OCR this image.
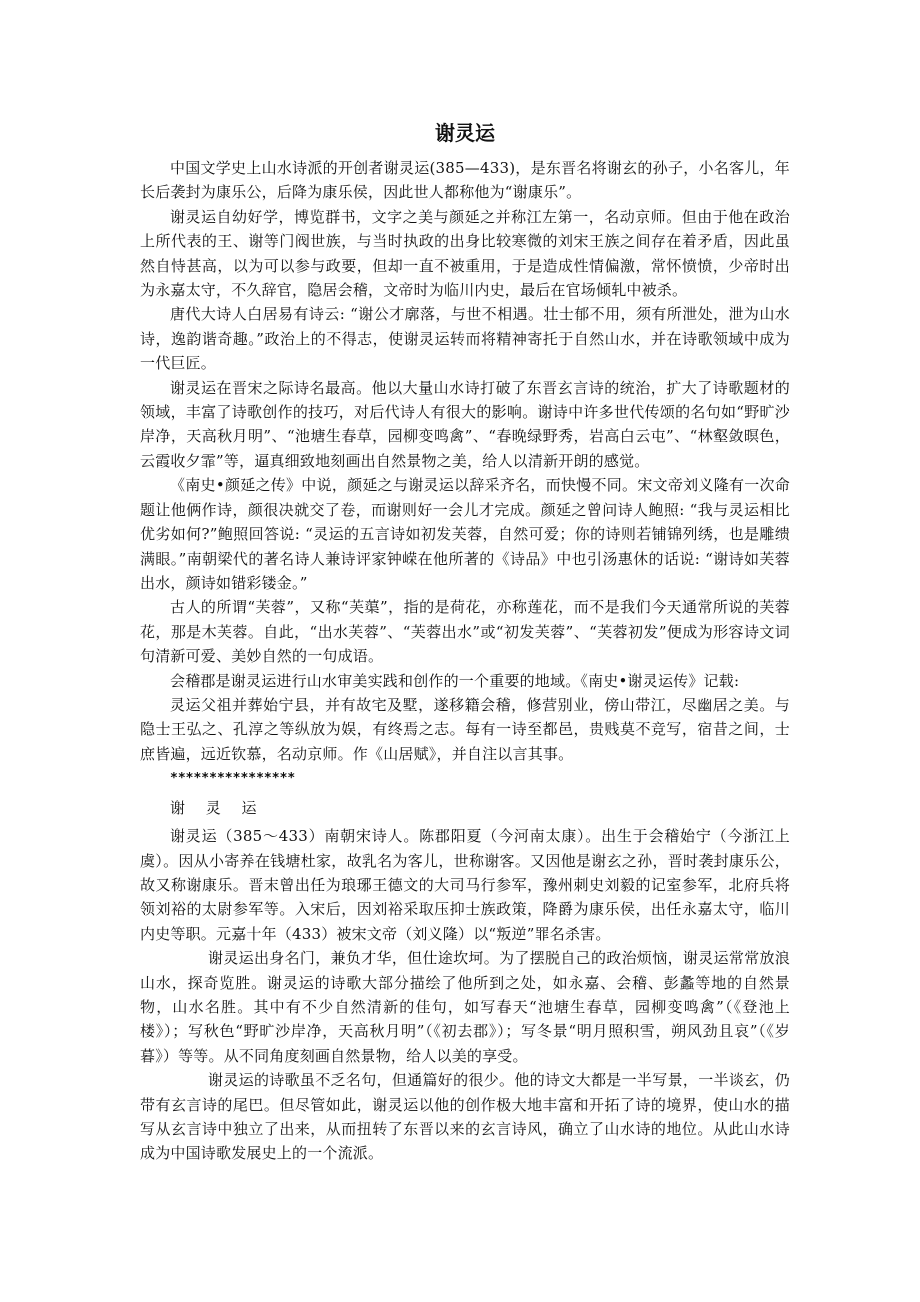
谢灵运

中国文学史上山水诗派的开创者谢灵运(385—433)，是东晋名将谢玄的孙子，小名客儿，年长后袭封为康乐公，后降为康乐侯，因此世人都称他为“谢康乐”。

谢灵运自幼好学，博览群书，文字之美与颜延之并称江左第一，名动京师。但由于他在政治上所代表的王、谢等门阀世族，与当时执政的出身比较寒微的刘宋王族之间存在着矛盾，因此虽然自恃甚高，以为可以参与政要，但却一直不被重用，于是造成性情偏激，常怀愤愤，少帝时出为永嘉太守，不久辞官，隐居会稽，文帝时为临川内史，最后在官场倾轧中被杀。

唐代大诗人白居易有诗云: “谢公才廓落，与世不相遇。壮士郁不用，须有所泄处，泄为山水诗，逸韵谐奇趣。”政治上的不得志，使谢灵运转而将精神寄托于自然山水，并在诗歌领域中成为一代巨匠。

谢灵运在晋宋之际诗名最高。他以大量山水诗打破了东晋玄言诗的统治，扩大了诗歌题材的领域，丰富了诗歌创作的技巧，对后代诗人有很大的影响。谢诗中许多世代传颂的名句如“野旷沙岸净，天高秋月明”、“池塘生春草，园柳变鸣禽”、“春晚绿野秀，岩高白云屯”、“林壑敛暝色，云霞收夕霏”等，逼真细致地刻画出自然景物之美，给人以清新开朗的感觉。

《南史•颜延之传》中说，颜延之与谢灵运以辞采齐名，而快慢不同。宋文帝刘义隆有一次命题让他俩作诗，颜很决就交了卷，而谢则好一会儿才完成。颜延之曾问诗人鲍照: “我与灵运相比优劣如何?”鲍照回答说: “灵运的五言诗如初发芙蓉，自然可爱；你的诗则若铺锦列绣，也是雕缋满眼。”南朝梁代的著名诗人兼诗评家钟嵘在他所著的《诗品》中也引汤惠休的话说: “谢诗如芙蓉出水，颜诗如错彩镂金。”

古人的所谓“芙蓉”，又称“芙蕖”，指的是荷花，亦称莲花，而不是我们今天通常所说的芙蓉花，那是木芙蓉。自此，“出水芙蓉”、“芙蓉出水”或“初发芙蓉”、“芙蓉初发”便成为形容诗文词句清新可爱、美妙自然的一句成语。

会稽郡是谢灵运进行山水审美实践和创作的一个重要的地域。《南史•谢灵运传》记载:

灵运父祖并葬始宁县，并有故宅及墅，遂移籍会稽，修营别业，傍山带江，尽幽居之美。与隐士王弘之、孔淳之等纵放为娱，有终焉之志。每有一诗至都邑，贵贱莫不竞写，宿昔之间，士庶皆遍，远近钦慕，名动京师。作《山居赋》，并自注以言其事。

****************
谢 灵 运

谢灵运（385～433）南朝宋诗人。陈郡阳夏（今河南太康）。出生于会稽始宁（今浙江上虞）。因从小寄养在钱塘杜家，故乳名为客儿，世称谢客。又因他是谢玄之孙，晋时袭封康乐公，故又称谢康乐。晋末曾出任为琅琊王德文的大司马行参军，豫州刺史刘毅的记室参军，北府兵将领刘裕的太尉参军等。入宋后，因刘裕采取压抑士族政策，降爵为康乐侯，出任永嘉太守，临川内史等职。元嘉十年（433）被宋文帝（刘义隆）以“叛逆”罪名杀害。

谢灵运出身名门，兼负才华，但仕途坎坷。为了摆脱自己的政治烦恼，谢灵运常常放浪山水，探奇览胜。谢灵运的诗歌大部分描绘了他所到之处，如永嘉、会稽、彭蠡等地的自然景物，山水名胜。其中有不少自然清新的佳句，如写春天“池塘生春草，园柳变鸣禽”（《登池上楼》）；写秋色“野旷沙岸净，天高秋月明”（《初去郡》）；写冬景“明月照积雪，朔风劲且哀”（《岁暮》）等等。从不同角度刻画自然景物，给人以美的享受。

谢灵运的诗歌虽不乏名句，但通篇好的很少。他的诗文大都是一半写景，一半谈玄，仍带有玄言诗的尾巴。但尽管如此，谢灵运以他的创作极大地丰富和开拓了诗的境界，使山水的描写从玄言诗中独立了出来，从而扭转了东晋以来的玄言诗风，确立了山水诗的地位。从此山水诗成为中国诗歌发展史上的一个流派。
